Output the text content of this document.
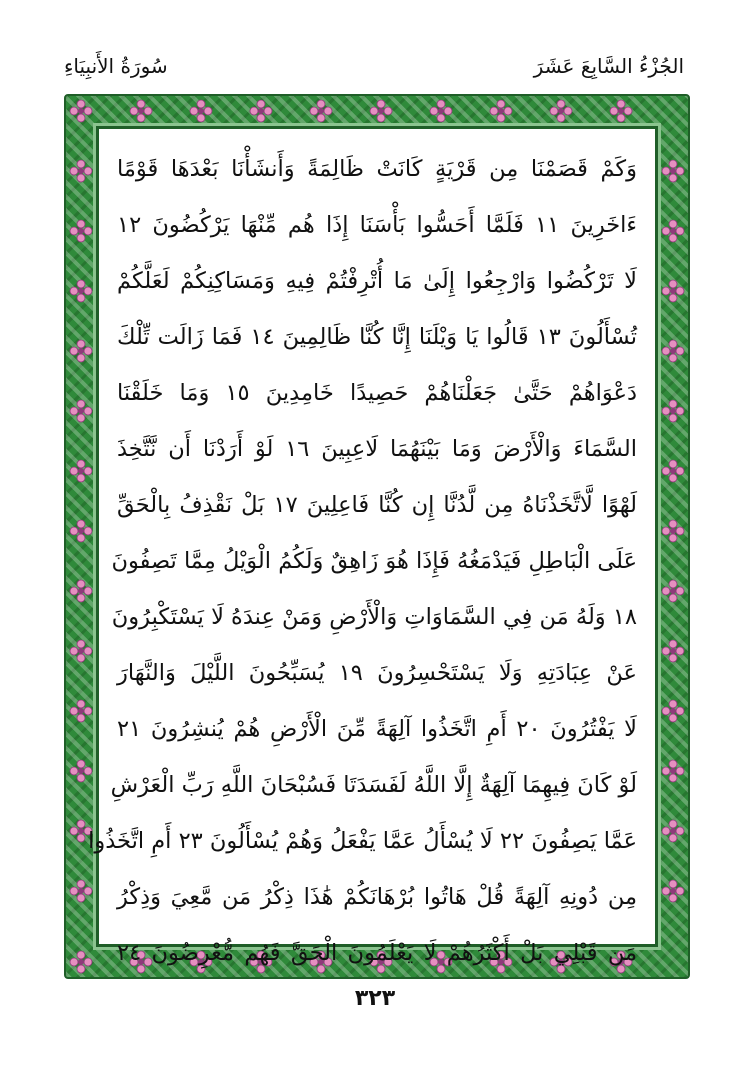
الجُزْءُ السَّابِعَ عَشَرَ
سُورَةُ الأَنبِيَاءِ
وَكَمْ قَصَمْنَا مِن قَرْيَةٍ كَانَتْ ظَالِمَةً وَأَنشَأْنَا بَعْدَهَا قَوْمًا
ءَاخَرِينَ ١١ فَلَمَّا أَحَسُّوا بَأْسَنَا إِذَا هُم مِّنْهَا يَرْكُضُونَ ١٢
لَا تَرْكُضُوا وَارْجِعُوا إِلَىٰ مَا أُتْرِفْتُمْ فِيهِ وَمَسَاكِنِكُمْ لَعَلَّكُمْ
تُسْأَلُونَ ١٣ قَالُوا يَا وَيْلَنَا إِنَّا كُنَّا ظَالِمِينَ ١٤ فَمَا زَالَت تِّلْكَ
دَعْوَاهُمْ حَتَّىٰ جَعَلْنَاهُمْ حَصِيدًا خَامِدِينَ ١٥ وَمَا خَلَقْنَا
السَّمَاءَ وَالْأَرْضَ وَمَا بَيْنَهُمَا لَاعِبِينَ ١٦ لَوْ أَرَدْنَا أَن نَّتَّخِذَ
لَهْوًا لَّاتَّخَذْنَاهُ مِن لَّدُنَّا إِن كُنَّا فَاعِلِينَ ١٧ بَلْ نَقْذِفُ بِالْحَقِّ
عَلَى الْبَاطِلِ فَيَدْمَغُهُ فَإِذَا هُوَ زَاهِقٌ وَلَكُمُ الْوَيْلُ مِمَّا تَصِفُونَ
١٨ وَلَهُ مَن فِي السَّمَاوَاتِ وَالْأَرْضِ وَمَنْ عِندَهُ لَا يَسْتَكْبِرُونَ
عَنْ عِبَادَتِهِ وَلَا يَسْتَحْسِرُونَ ١٩ يُسَبِّحُونَ اللَّيْلَ وَالنَّهَارَ
لَا يَفْتُرُونَ ٢٠ أَمِ اتَّخَذُوا آلِهَةً مِّنَ الْأَرْضِ هُمْ يُنشِرُونَ ٢١
لَوْ كَانَ فِيهِمَا آلِهَةٌ إِلَّا اللَّهُ لَفَسَدَتَا فَسُبْحَانَ اللَّهِ رَبِّ الْعَرْشِ
عَمَّا يَصِفُونَ ٢٢ لَا يُسْأَلُ عَمَّا يَفْعَلُ وَهُمْ يُسْأَلُونَ ٢٣ أَمِ اتَّخَذُوا
مِن دُونِهِ آلِهَةً قُلْ هَاتُوا بُرْهَانَكُمْ هَٰذَا ذِكْرُ مَن مَّعِيَ وَذِكْرُ
مَن قَبْلِي بَلْ أَكْثَرُهُمْ لَا يَعْلَمُونَ الْحَقَّ فَهُم مُّعْرِضُونَ ٢٤
٣٢٣
